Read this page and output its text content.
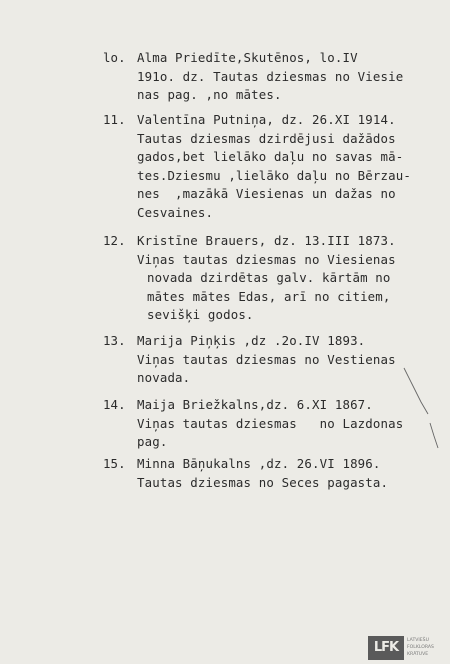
lo. Alma Priedīte,Skutēnos, lo.IV
191o. dz. Tautas dziesmas no Viesie
nas pag. ,no mātes.
11. Valentīna Putniņa, dz. 26.XI 1914.
Tautas dziesmas dzirdējusi dažādos
gados,bet lielāko daļu no savas mā-
tes.Dziesmu ,lielāko daļu no Bērzau-
nes  ,mazākā Viesienas un dažas no
Cesvaines.
12. Kristīne Brauers, dz. 13.III 1873.
Viņas tautas dziesmas no Viesienas
novada dzirdētas galv. kārtām no
mātes mātes Edas, arī no citiem,
sevišķi godos.
13. Marija Piņķis ,dz .2o.IV 1893.
Viņas tautas dziesmas no Vestienas
novada.
14. Maija Briežkalns,dz. 6.XI 1867.
Viņas tautas dziesmas   no Lazdonas
pag.
15. Minna Bāņukalns ,dz. 26.VI 1896.
Tautas dziesmas no Seces pagasta.
LFK	LATVIEŠU
FOLKLORAS
KRĀTUVE
